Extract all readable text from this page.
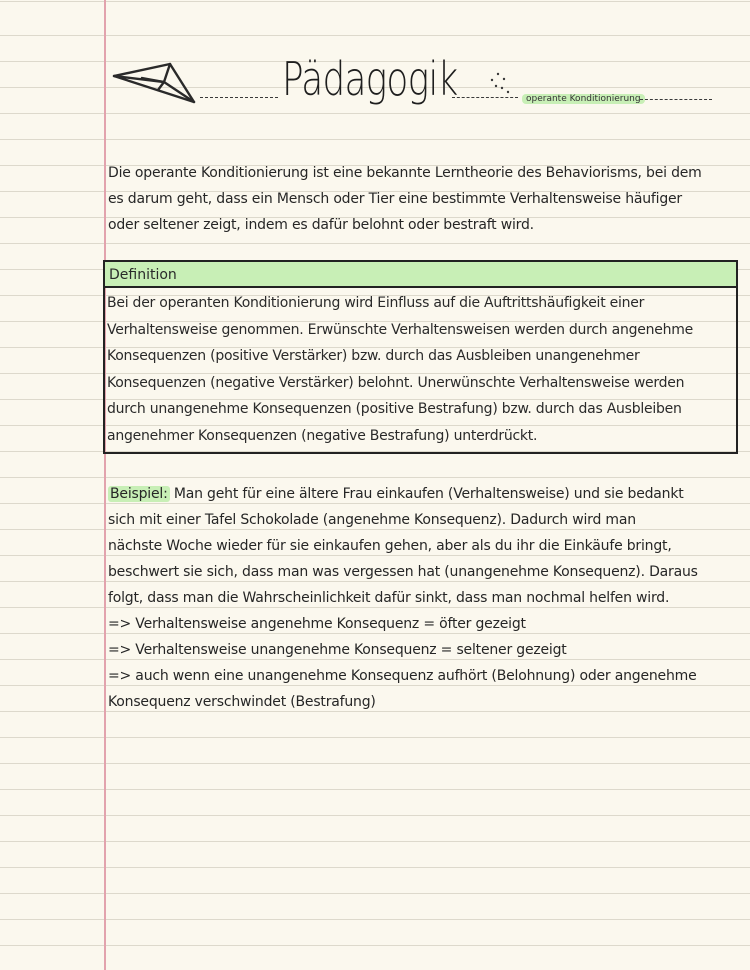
Pädagogik	operante Konditionierung
Die operante Konditionierung ist eine bekannte Lerntheorie des Behaviorisms, bei dem
es darum geht, dass ein Mensch oder Tier eine bestimmte Verhaltensweise häufiger
oder seltener zeigt, indem es dafür belohnt oder bestraft wird.
Definition
Bei der operanten Konditionierung wird Einfluss auf die Auftrittshäufigkeit einer
Verhaltensweise genommen. Erwünschte Verhaltensweisen werden durch angenehme
Konsequenzen (positive Verstärker) bzw. durch das Ausbleiben unangenehmer
Konsequenzen (negative Verstärker) belohnt. Unerwünschte Verhaltensweise werden
durch unangenehme Konsequenzen (positive Bestrafung) bzw. durch das Ausbleiben
angenehmer Konsequenzen (negative Bestrafung) unterdrückt.
Beispiel: Man geht für eine ältere Frau einkaufen (Verhaltensweise) und sie bedankt
sich mit einer Tafel Schokolade (angenehme Konsequenz). Dadurch wird man
nächste Woche wieder für sie einkaufen gehen, aber als du ihr die Einkäufe bringt,
beschwert sie sich, dass man was vergessen hat (unangenehme Konsequenz). Daraus
folgt, dass man die Wahrscheinlichkeit dafür sinkt, dass man nochmal helfen wird.
=> Verhaltensweise angenehme Konsequenz = öfter gezeigt
=> Verhaltensweise unangenehme Konsequenz = seltener gezeigt
=> auch wenn eine unangenehme Konsequenz aufhört (Belohnung) oder angenehme
Konsequenz verschwindet (Bestrafung)
